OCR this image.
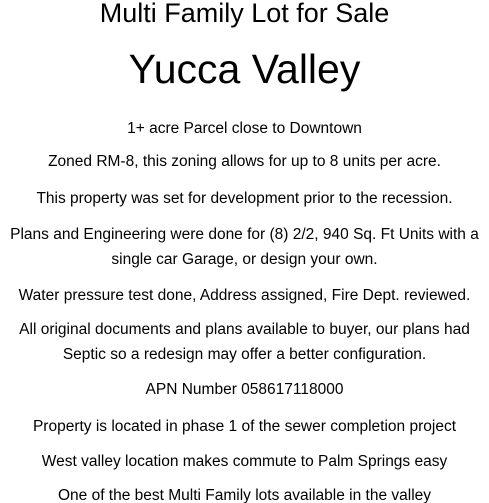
Multi Family Lot for Sale
Yucca Valley
1+ acre Parcel close to Downtown
Zoned RM-8, this zoning allows for up to 8 units per acre.
This property was set for development prior to the recession.
Plans and Engineering were done for (8) 2/2, 940 Sq. Ft Units with a
single car Garage, or design your own.
Water pressure test done, Address assigned, Fire Dept. reviewed.
All original documents and plans available to buyer, our plans had
Septic so a redesign may offer a better configuration.
APN Number 058617118000
Property is located in phase 1 of the sewer completion project
West valley location makes commute to Palm Springs easy
One of the best Multi Family lots available in the valley
